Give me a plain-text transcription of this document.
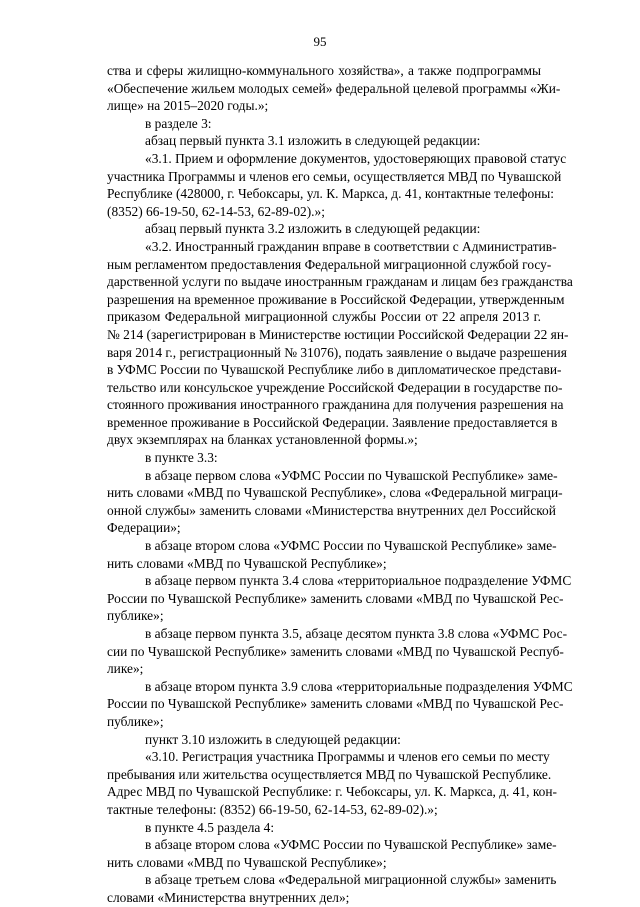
95
ства и сферы жилищно-коммунального хозяйства», а также подпрограммы
«Обеспечение жильем молодых семей» федеральной целевой программы «Жи-
лище» на 2015–2020 годы.»;
в разделе 3:
абзац первый пункта 3.1 изложить в следующей редакции:
«3.1. Прием и оформление документов, удостоверяющих правовой статус
участника Программы и членов его семьи, осуществляется МВД по Чувашской
Республике (428000, г. Чебоксары, ул. К. Маркса, д. 41, контактные телефоны:
(8352) 66-19-50, 62-14-53, 62-89-02).»;
абзац первый пункта 3.2 изложить в следующей редакции:
«3.2. Иностранный гражданин вправе в соответствии с Административ-
ным регламентом предоставления Федеральной миграционной службой госу-
дарственной услуги по выдаче иностранным гражданам и лицам без гражданства
разрешения на временное проживание в Российской Федерации, утвержденным
приказом Федеральной миграционной службы России от 22 апреля 2013 г.
№ 214 (зарегистрирован в Министерстве юстиции Российской Федерации 22 ян-
варя 2014 г., регистрационный № 31076), подать заявление о выдаче разрешения
в УФМС России по Чувашской Республике либо в дипломатическое представи-
тельство или консульское учреждение Российской Федерации в государстве по-
стоянного проживания иностранного гражданина для получения разрешения на
временное проживание в Российской Федерации. Заявление предоставляется в
двух экземплярах на бланках установленной формы.»;
в пункте 3.3:
в абзаце первом слова «УФМС России по Чувашской Республике» заме-
нить словами «МВД по Чувашской Республике», слова «Федеральной миграци-
онной службы» заменить словами «Министерства внутренних дел Российской
Федерации»;
в абзаце втором слова «УФМС России по Чувашской Республике» заме-
нить словами «МВД по Чувашской Республике»;
в абзаце первом пункта 3.4 слова «территориальное подразделение УФМС
России по Чувашской Республике» заменить словами «МВД по Чувашской Рес-
публике»;
в абзаце первом пункта 3.5, абзаце десятом пункта 3.8 слова «УФМС Рос-
сии по Чувашской Республике» заменить словами «МВД по Чувашской Респуб-
лике»;
в абзаце втором пункта 3.9 слова «территориальные подразделения УФМС
России по Чувашской Республике» заменить словами «МВД по Чувашской Рес-
публике»;
пункт 3.10 изложить в следующей редакции:
«3.10. Регистрация участника Программы и членов его семьи по месту
пребывания или жительства осуществляется МВД по Чувашской Республике.
Адрес МВД по Чувашской Республике: г. Чебоксары, ул. К. Маркса, д. 41, кон-
тактные телефоны: (8352) 66-19-50, 62-14-53, 62-89-02).»;
в пункте 4.5 раздела 4:
в абзаце втором слова «УФМС России по Чувашской Республике» заме-
нить словами «МВД по Чувашской Республике»;
в абзаце третьем слова «Федеральной миграционной службы» заменить
словами «Министерства внутренних дел»;
